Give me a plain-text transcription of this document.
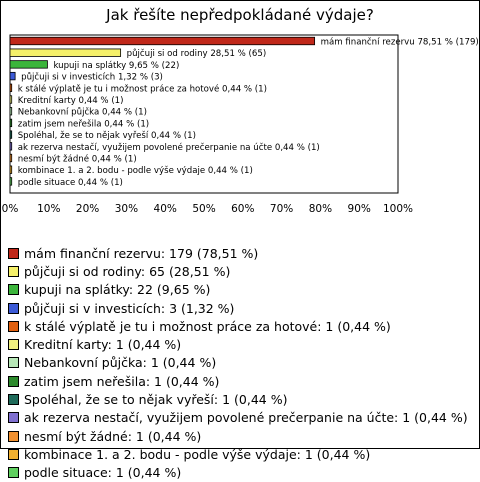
Jak řešíte nepředpokládané výdaje?
mám finanční rezervu 78,51 % (179)
půjčuji si od rodiny 28,51 % (65)
kupuji na splátky 9,65 % (22)
půjčuji si v investicích 1,32 % (3)
k stálé výplatě je tu i možnost práce za hotové 0,44 % (1)
Kreditní karty 0,44 % (1)
Nebankovní půjčka 0,44 % (1)
zatim jsem neřešila 0,44 % (1)
Spoléhal, že se to nějak vyřeší 0,44 % (1)
ak rezerva nestačí, využijem povolené prečerpanie na účte 0,44 % (1)
nesmí být žádné 0,44 % (1)
kombinace 1. a 2. bodu - podle výše výdaje 0,44 % (1)
podle situace 0,44 % (1)
0% 10% 20% 30% 40% 50% 60% 70% 80% 90% 100%
mám finanční rezervu: 179 (78,51 %)
půjčuji si od rodiny: 65 (28,51 %)
kupuji na splátky: 22 (9,65 %)
půjčuji si v investicích: 3 (1,32 %)
k stálé výplatě je tu i možnost práce za hotové: 1 (0,44 %)
Kreditní karty: 1 (0,44 %)
Nebankovní půjčka: 1 (0,44 %)
zatim jsem neřešila: 1 (0,44 %)
Spoléhal, že se to nějak vyřeší: 1 (0,44 %)
ak rezerva nestačí, využijem povolené prečerpanie na účte: 1 (0,44 %)
nesmí být žádné: 1 (0,44 %)
kombinace 1. a 2. bodu - podle výše výdaje: 1 (0,44 %)
podle situace: 1 (0,44 %)
